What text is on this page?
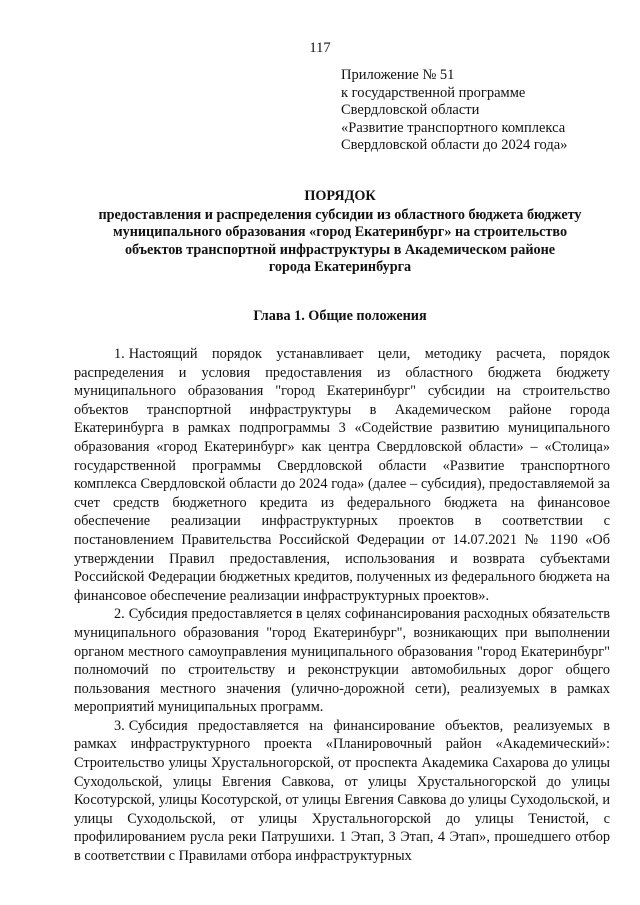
117
Приложение № 51
к государственной программе
Свердловской области
«Развитие транспортного комплекса
Свердловской области до 2024 года»
ПОРЯДОК
предоставления и распределения субсидии из областного бюджета бюджету
муниципального образования «город Екатеринбург» на строительство
объектов транспортной инфраструктуры в Академическом районе
города Екатеринбурга
Глава 1. Общие положения

1. Настоящий порядок устанавливает цели, методику расчета, порядок распределения и условия предоставления из областного бюджета бюджету муниципального образования "город Екатеринбург" субсидии на строительство объектов транспортной инфраструктуры в Академическом районе города Екатеринбурга в рамках подпрограммы 3 «Содействие развитию муниципального образования «город Екатеринбург» как центра Свердловской области» – «Столица» государственной программы Свердловской области «Развитие транспортного комплекса Свердловской области до 2024 года» (далее – субсидия), предоставляемой за счет средств бюджетного кредита из федерального бюджета на финансовое обеспечение реализации инфраструктурных проектов в соответствии с постановлением Правительства Российской Федерации от 14.07.2021 № 1190 «Об утверждении Правил предоставления, использования и возврата субъектами Российской Федерации бюджетных кредитов, полученных из федерального бюджета на финансовое обеспечение реализации инфраструктурных проектов».

2. Субсидия предоставляется в целях софинансирования расходных обязательств муниципального образования "город Екатеринбург", возникающих при выполнении органом местного самоуправления муниципального образования "город Екатеринбург" полномочий по строительству и реконструкции автомобильных дорог общего пользования местного значения (улично-дорожной сети), реализуемых в рамках мероприятий муниципальных программ.

3. Субсидия предоставляется на финансирование объектов, реализуемых в рамках инфраструктурного проекта «Планировочный район «Академический»: Строительство улицы Хрустальногорской, от проспекта Академика Сахарова до улицы Суходольской, улицы Евгения Савкова, от улицы Хрустальногорской до улицы Косотурской, улицы Косотурской, от улицы Евгения Савкова до улицы Суходольской, и улицы Суходольской, от улицы Хрустальногорской до улицы Тенистой, с профилированием русла реки Патрушихи. 1 Этап, 3 Этап, 4 Этап», прошедшего отбор в соответствии с Правилами отбора инфраструктурных
